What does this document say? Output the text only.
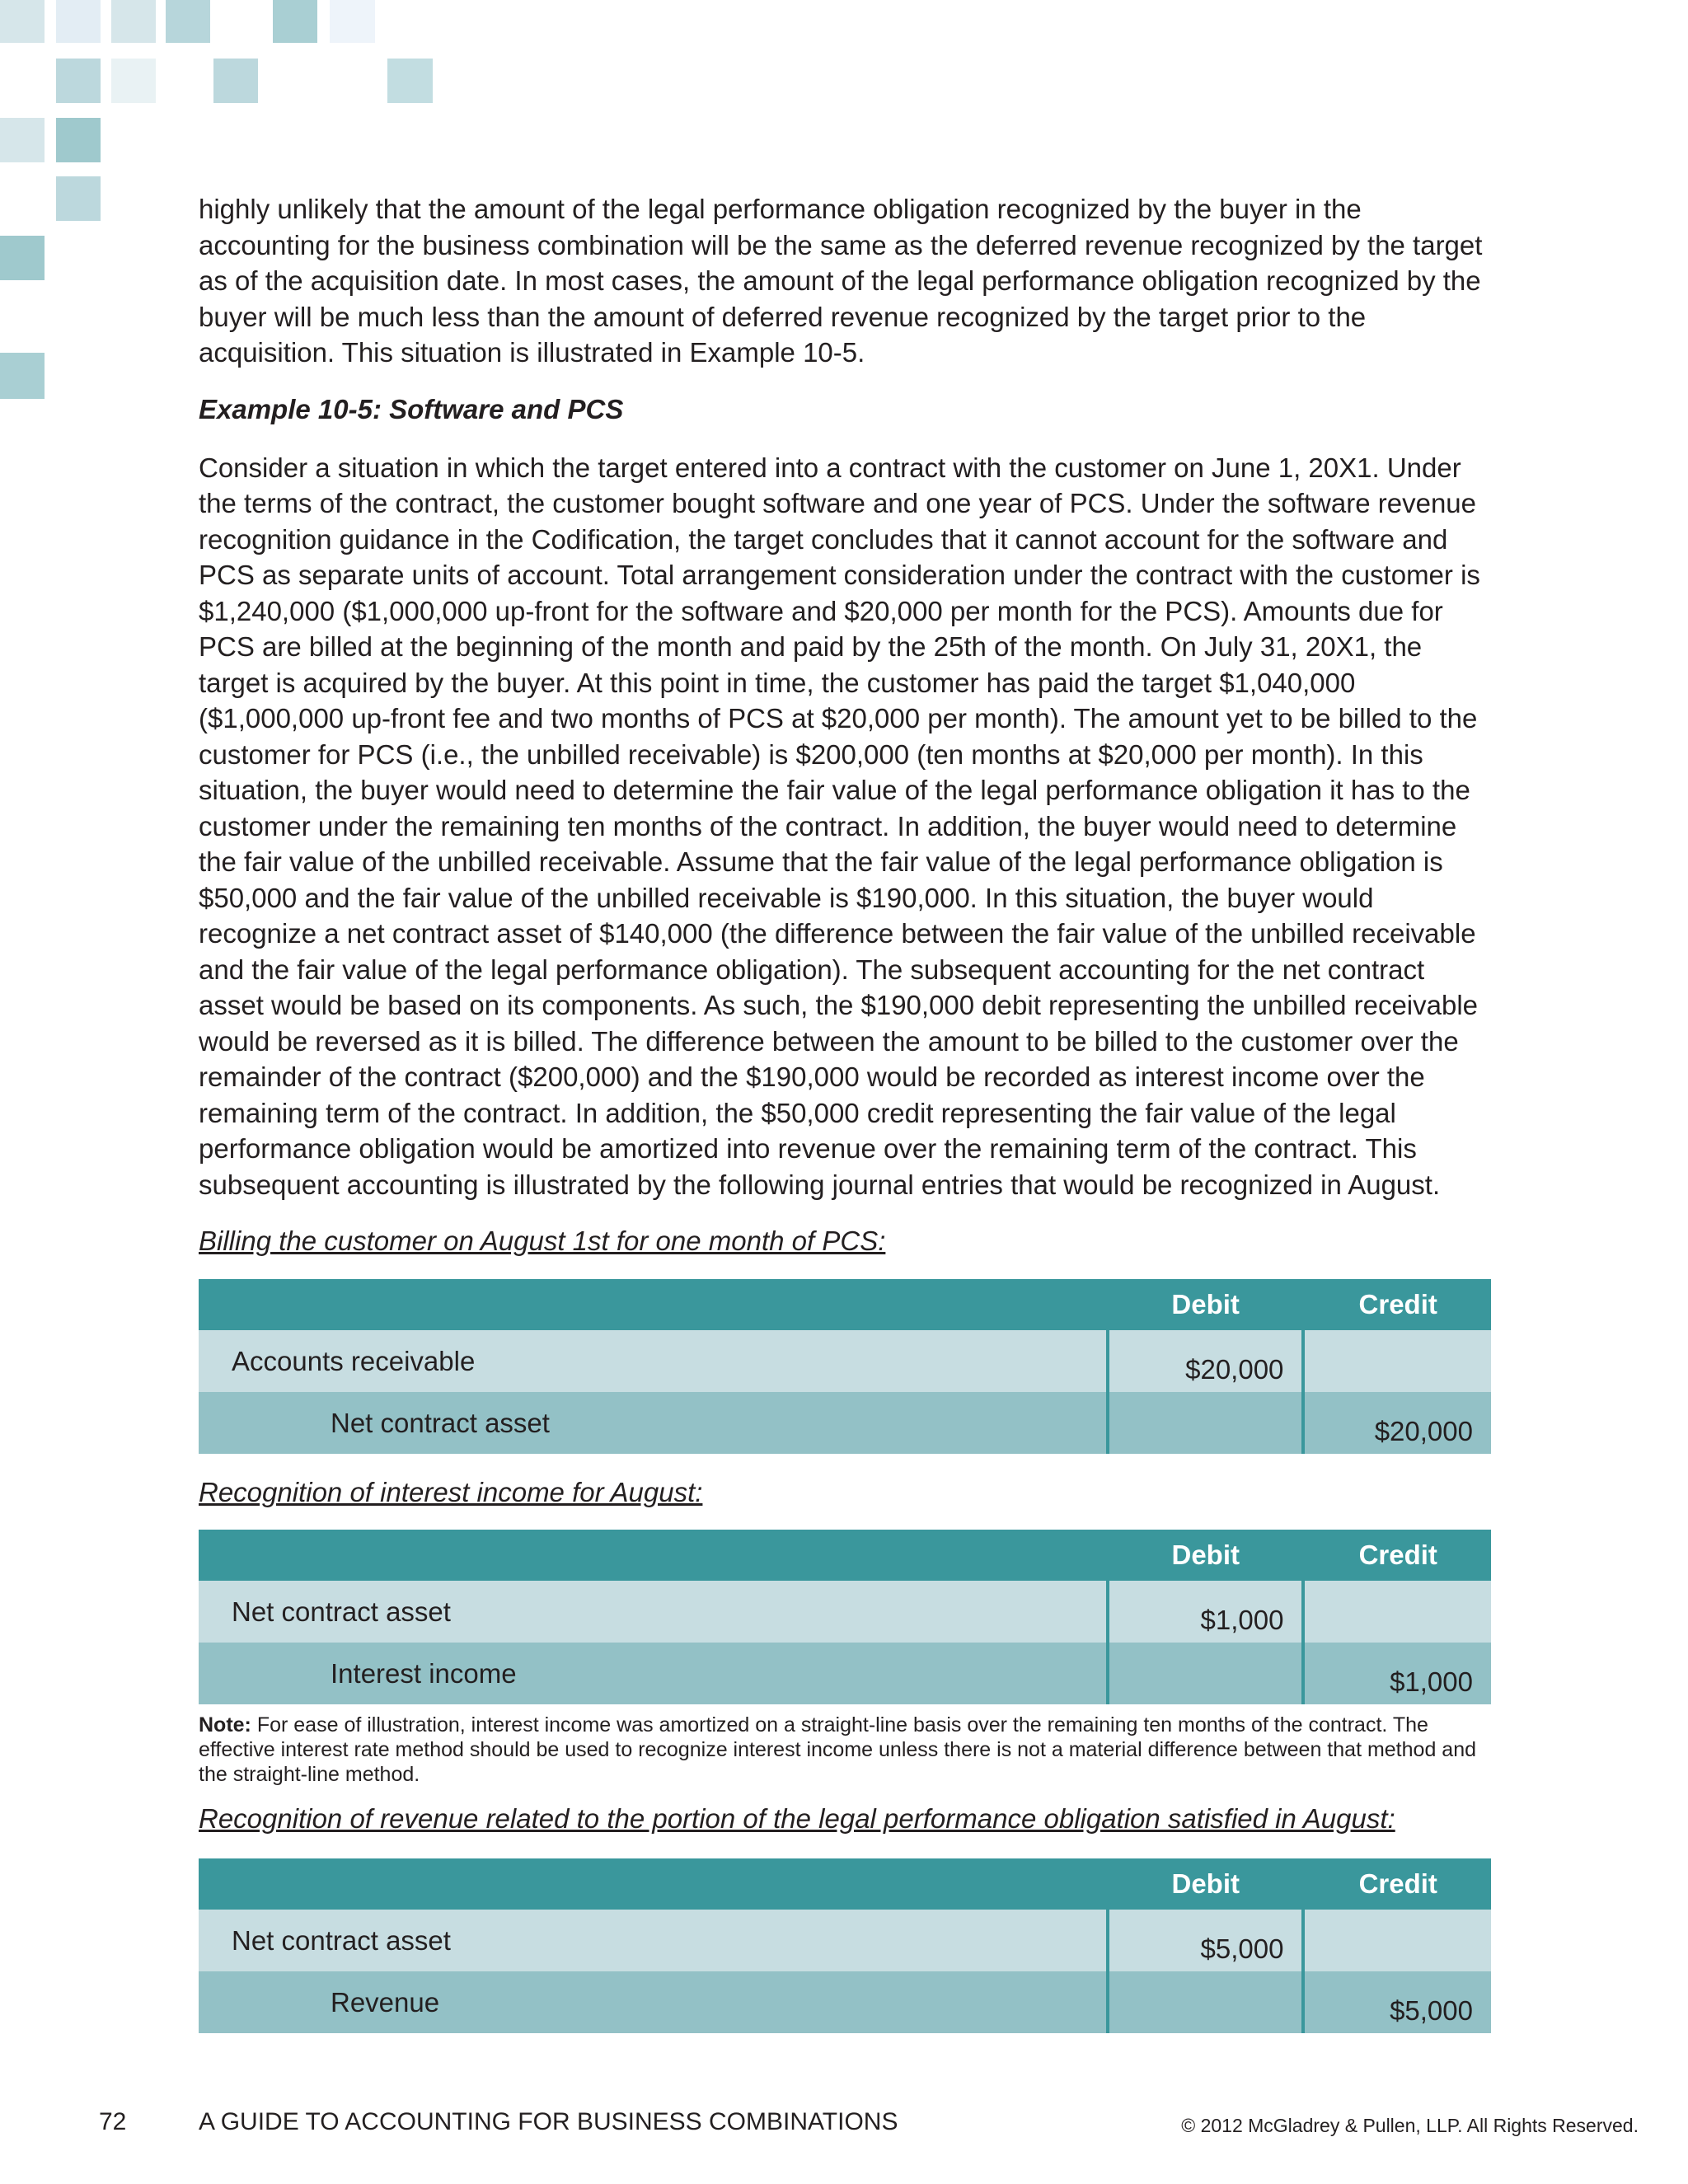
highly unlikely that the amount of the legal performance obligation recognized by the buyer in the accounting for the business combination will be the same as the deferred revenue recognized by the target as of the acquisition date. In most cases, the amount of the legal performance obligation recognized by the buyer will be much less than the amount of deferred revenue recognized by the target prior to the acquisition. This situation is illustrated in Example 10-5.

Example 10-5: Software and PCS

Consider a situation in which the target entered into a contract with the customer on June 1, 20X1. Under the terms of the contract, the customer bought software and one year of PCS. Under the software revenue recognition guidance in the Codification, the target concludes that it cannot account for the software and PCS as separate units of account. Total arrangement consideration under the contract with the customer is $1,240,000 ($1,000,000 up-front for the software and $20,000 per month for the PCS). Amounts due for PCS are billed at the beginning of the month and paid by the 25th of the month. On July 31, 20X1, the target is acquired by the buyer. At this point in time, the customer has paid the target $1,040,000 ($1,000,000 up-front fee and two months of PCS at $20,000 per month). The amount yet to be billed to the customer for PCS (i.e., the unbilled receivable) is $200,000 (ten months at $20,000 per month). In this situation, the buyer would need to determine the fair value of the legal performance obligation it has to the customer under the remaining ten months of the contract. In addition, the buyer would need to determine the fair value of the unbilled receivable. Assume that the fair value of the legal performance obligation is $50,000 and the fair value of the unbilled receivable is $190,000. In this situation, the buyer would recognize a net contract asset of $140,000 (the difference between the fair value of the unbilled receivable and the fair value of the legal performance obligation). The subsequent accounting for the net contract asset would be based on its components. As such, the $190,000 debit representing the unbilled receivable would be reversed as it is billed. The difference between the amount to be billed to the customer over the remainder of the contract ($200,000) and the $190,000 would be recorded as interest income over the remaining term of the contract. In addition, the $50,000 credit representing the fair value of the legal performance obligation would be amortized into revenue over the remaining term of the contract. This subsequent accounting is illustrated by the following journal entries that would be recognized in August.

Billing the customer on August 1st for one month of PCS:

	Debit	Credit
Accounts receivable	$20,000	
Net contract asset		$20,000

Recognition of interest income for August:

	Debit	Credit
Net contract asset	$1,000	
Interest income		$1,000

Note: For ease of illustration, interest income was amortized on a straight-line basis over the remaining ten months of the contract. The effective interest rate method should be used to recognize interest income unless there is not a material difference between that method and the straight-line method.

Recognition of revenue related to the portion of the legal performance obligation satisfied in August:

	Debit	Credit
Net contract asset	$5,000	
Revenue		$5,000
72	A GUIDE TO ACCOUNTING FOR BUSINESS COMBINATIONS	© 2012 McGladrey & Pullen, LLP. All Rights Reserved.
